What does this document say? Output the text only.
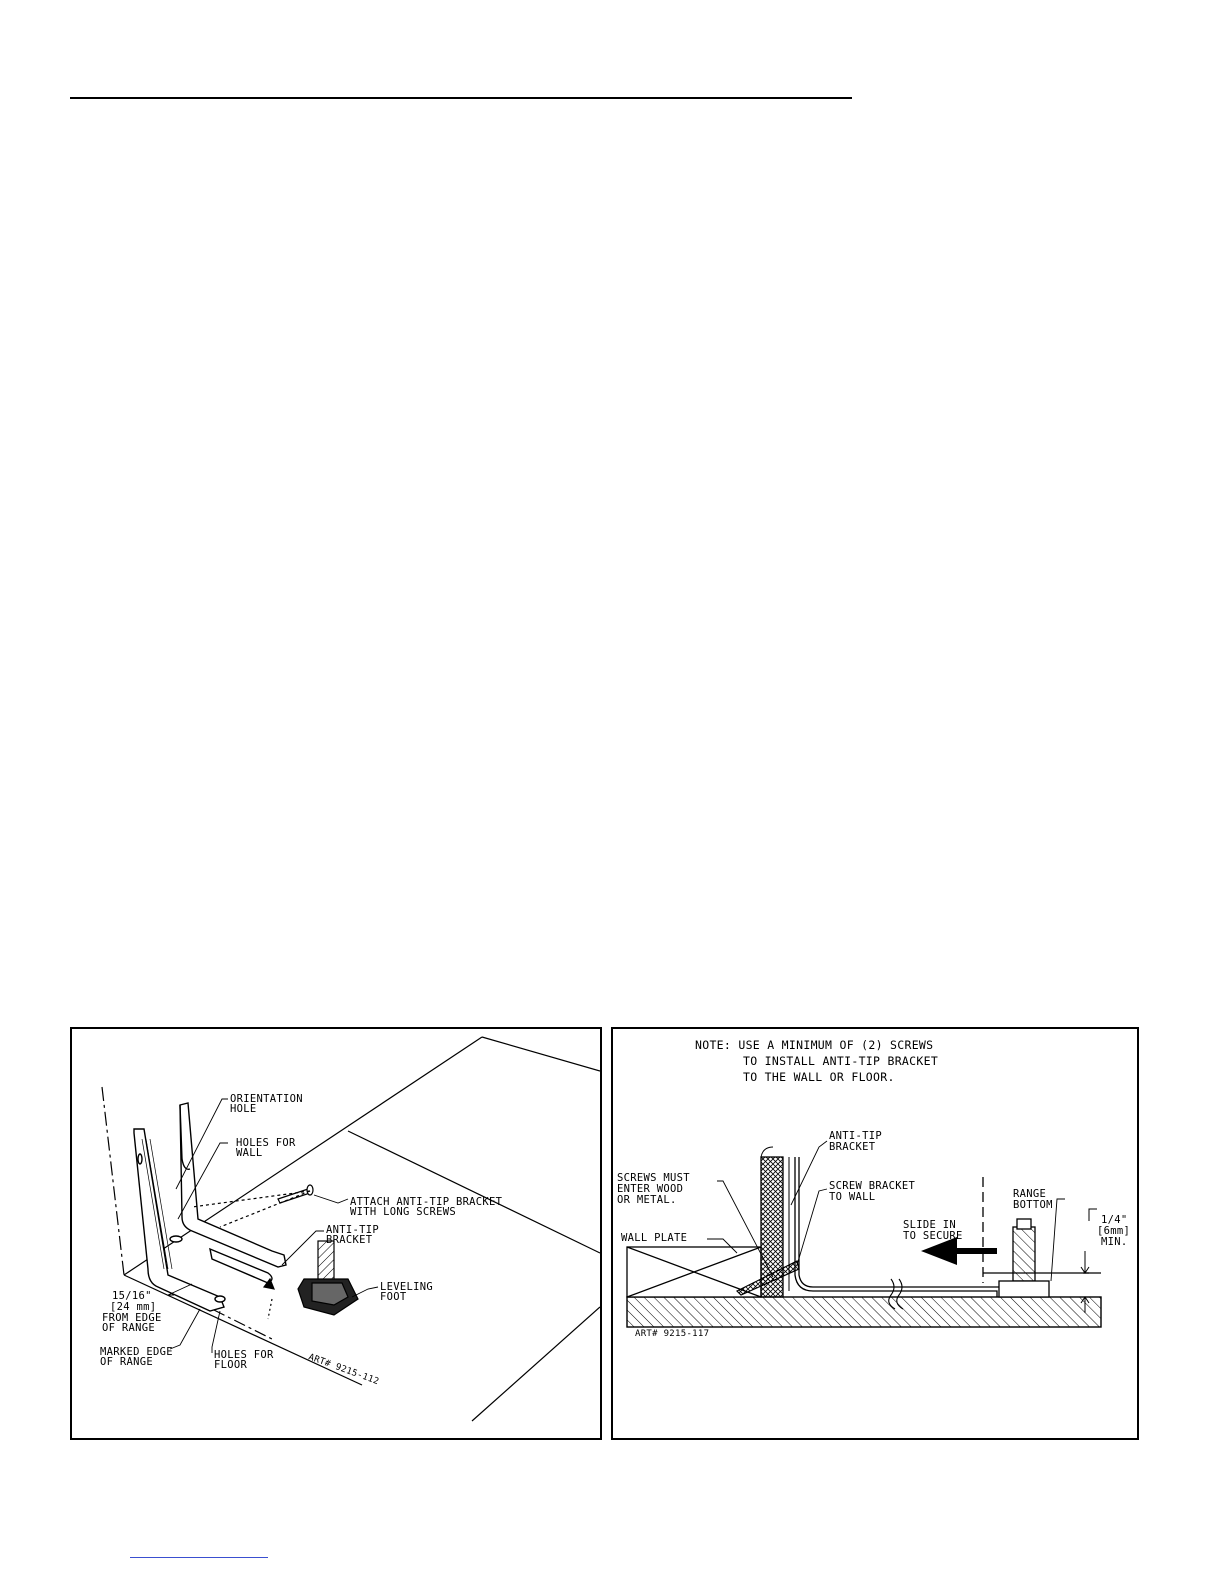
ORIENTATION
HOLE
HOLES FOR
WALL
ATTACH ANTI-TIP BRACKET
WITH LONG SCREWS
ANTI-TIP
BRACKET
LEVELING
FOOT
15/16"
[24 mm]
FROM EDGE
OF RANGE
MARKED EDGE
OF RANGE
HOLES FOR
FLOOR	ART# 9215-112
NOTE: USE A MINIMUM OF (2) SCREWS
TO INSTALL ANTI-TIP BRACKET
TO THE WALL OR FLOOR.
ANTI-TIP
BRACKET
SCREWS MUST
ENTER WOOD
OR METAL.
SCREW BRACKET
TO WALL	RANGE
BOTTOM
WALL PLATE
SLIDE IN
TO SECURE
1/4"
[6mm]
MIN.
ART# 9215-117
